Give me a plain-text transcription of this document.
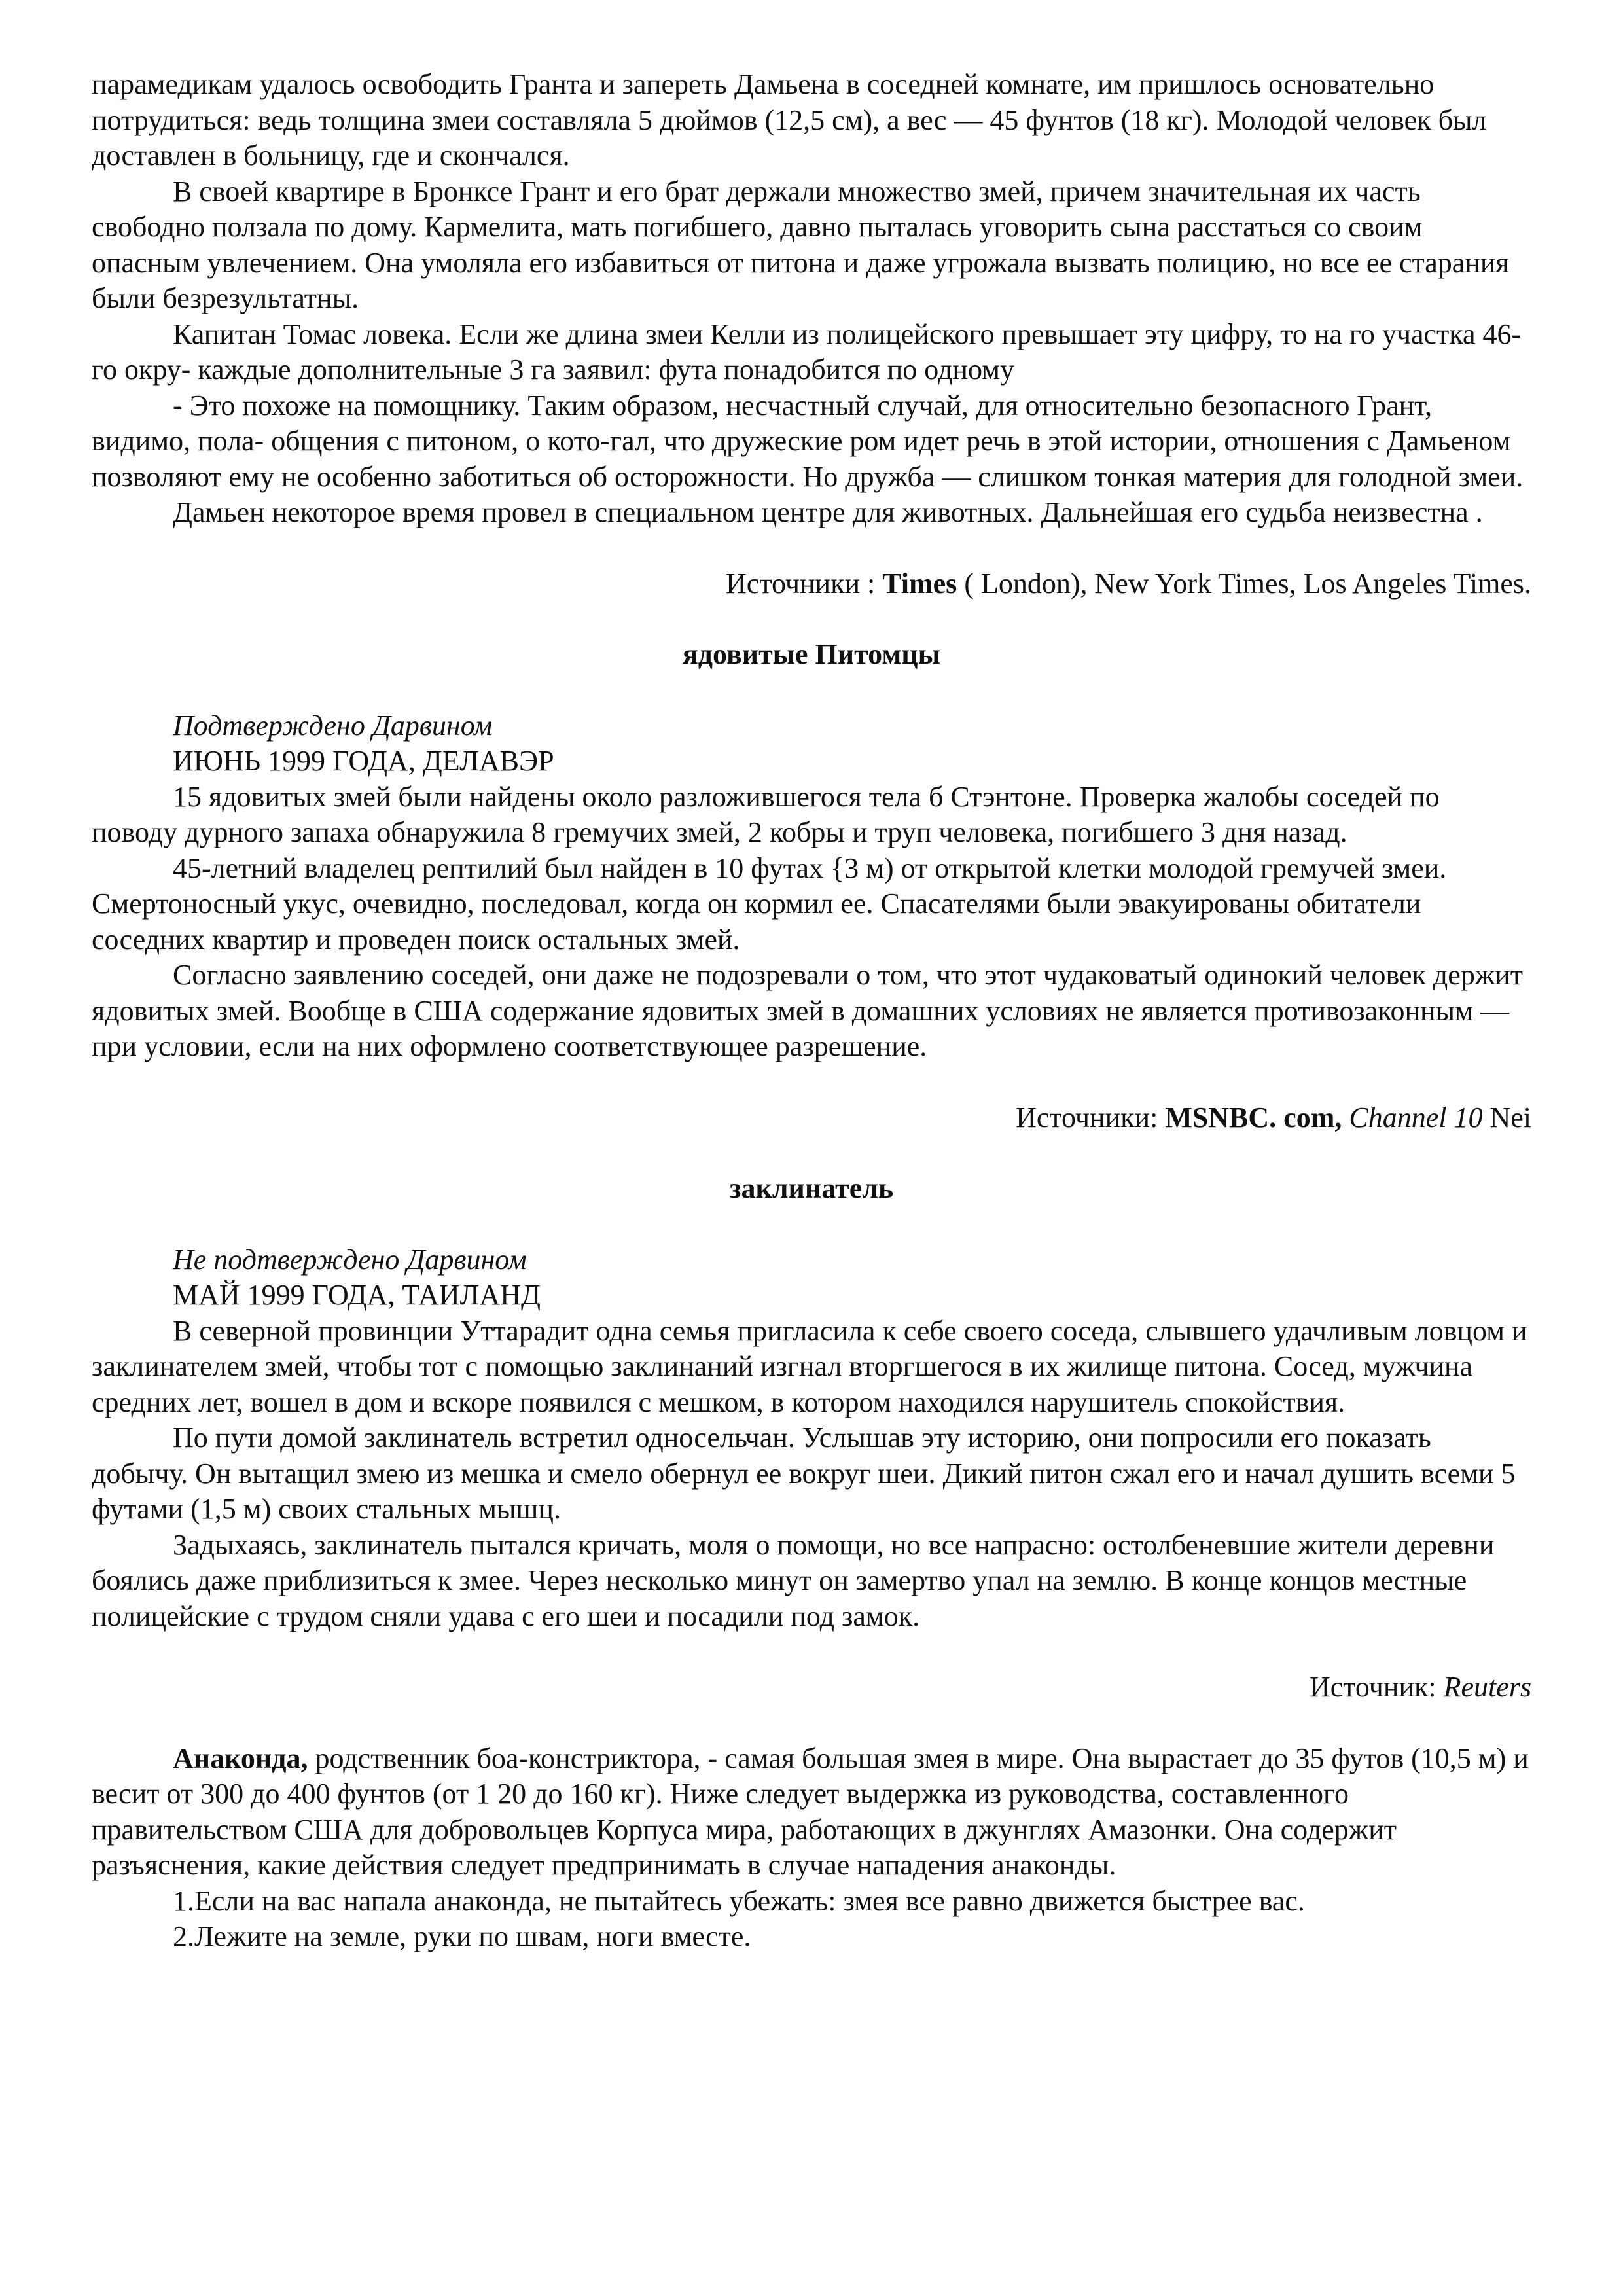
парамедикам удалось освободить Гранта и запереть Дамьена в соседней комнате, им пришлось основательно потрудиться: ведь толщина змеи составляла 5 дюймов (12,5 см), а вес — 45 фунтов (18 кг). Молодой человек был доставлен в больницу, где и скончался.

В своей квартире в Бронксе Грант и его брат держали множество змей, причем значительная их часть свободно ползала по дому. Кармелита, мать погибшего, давно пыталась уговорить сына расстаться со своим опасным увлечением. Она умоляла его избавиться от питона и даже угрожала вызвать полицию, но все ее старания были безрезультатны.

Капитан Томас ловека. Если же длина змеи Келли из полицейского превышает эту цифру, то на го участка 46-го окру- каждые дополнительные 3 га заявил: фута понадобится по одному

- Это похоже на помощнику. Таким образом, несчастный случай, для относительно безопасного Грант, видимо, пола- общения с питоном, о кото-гал, что дружеские ром идет речь в этой истории, отношения с Дамьеном позволяют ему не особенно заботиться об осторожности. Но дружба — слишком тонкая материя для голодной змеи.

Дамьен некоторое время провел в специальном центре для животных. Дальнейшая его судьба неизвестна .

Источники : Times ( London), New York Times, Los Angeles Times.

ядовитые Питомцы

Подтверждено Дарвином

ИЮНЬ 1999 ГОДА, ДЕЛАВЭР

15 ядовитых змей были найдены около разложившегося тела б Стэнтоне. Проверка жалобы соседей по поводу дурного запаха обнаружила 8 гремучих змей, 2 кобры и труп человека, погибшего 3 дня назад.

45-летний владелец рептилий был найден в 10 футах {3 м) от открытой клетки молодой гремучей змеи. Смертоносный укус, очевидно, последовал, когда он кормил ее. Спасателями были эвакуированы обитатели соседних квартир и проведен поиск остальных змей.

Согласно заявлению соседей, они даже не подозревали о том, что этот чудаковатый одинокий человек держит ядовитых змей. Вообще в США содержание ядовитых змей в домашних условиях не является противозаконным — при условии, если на них оформлено соответствующее разрешение.

Источники: MSNBC. com, Channel 10 Nei

заклинатель

Не подтверждено Дарвином

МАЙ 1999 ГОДА, ТАИЛАНД

В северной провинции Уттарадит одна семья пригласила к себе своего соседа, слывшего удачливым ловцом и заклинателем змей, чтобы тот с помощью заклинаний изгнал вторгшегося в их жилище питона. Сосед, мужчина средних лет, вошел в дом и вскоре появился с мешком, в котором находился нарушитель спокойствия.

По пути домой заклинатель встретил односельчан. Услышав эту историю, они попросили его показать добычу. Он вытащил змею из мешка и смело обернул ее вокруг шеи. Дикий питон сжал его и начал душить всеми 5 футами (1,5 м) своих стальных мышц.

Задыхаясь, заклинатель пытался кричать, моля о помощи, но все напрасно: остолбеневшие жители деревни боялись даже приблизиться к змее. Через несколько минут он замертво упал на землю. В конце концов местные полицейские с трудом сняли удава с его шеи и посадили под замок.

Источник: Reuters

Анаконда, родственник боа-констриктора, - самая большая змея в мире. Она вырастает до 35 футов (10,5 м) и весит от 300 до 400 фунтов (от 1 20 до 160 кг). Ниже следует выдержка из руководства, составленного правительством США для добровольцев Корпуса мира, работающих в джунглях Амазонки. Она содержит разъяснения, какие действия следует предпринимать в случае нападения анаконды.

1.Если на вас напала анаконда, не пытайтесь убежать: змея все равно движется быстрее вас.

2.Лежите на земле, руки по швам, ноги вместе.
